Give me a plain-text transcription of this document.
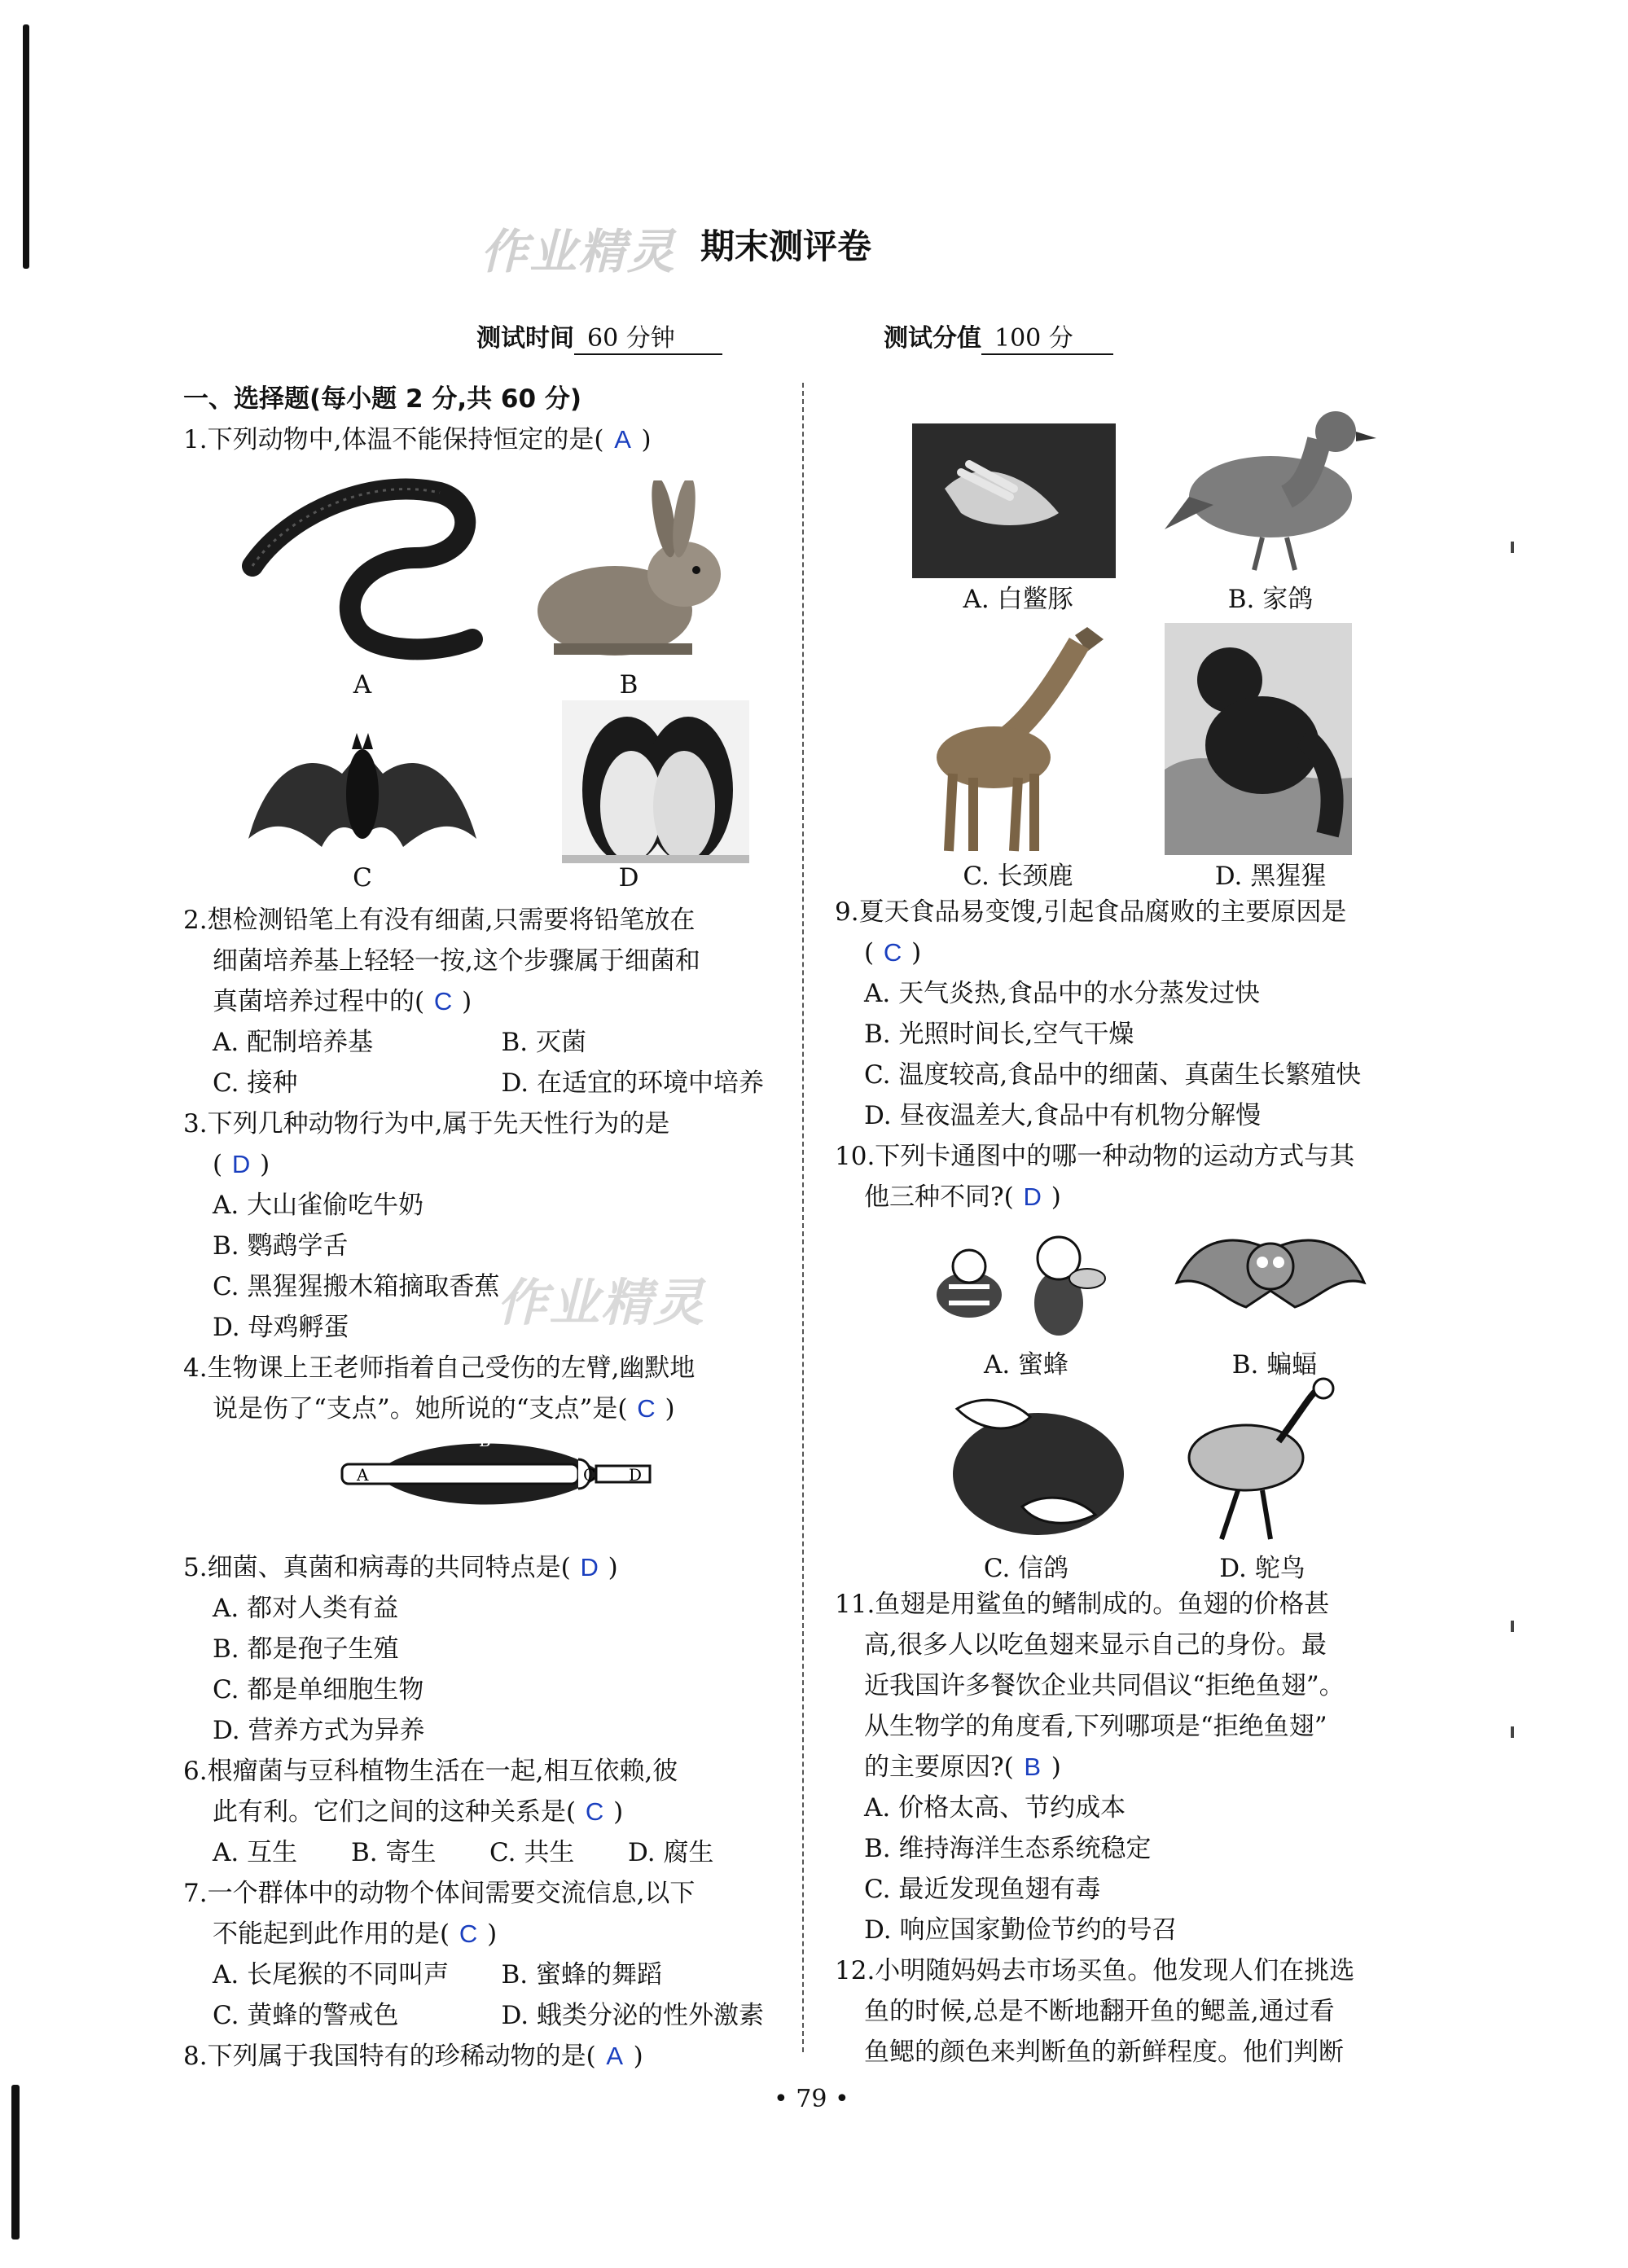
作业精灵
作业精灵
期末测评卷
测试时间 60 分钟	测试分值 100 分

一、选择题(每小题 2 分,共 60 分)

1.下列动物中,体温不能保持恒定的是( A )

A	B
C	D

2.想检测铅笔上有没有细菌,只需要将铅笔放在

细菌培养基上轻轻一按,这个步骤属于细菌和

真菌培养过程中的( C )

A. 配制培养基	B. 灭菌
C. 接种	D. 在适宜的环境中培养

3.下列几种动物行为中,属于先天性行为的是

( D )

A. 大山雀偷吃牛奶

B. 鹦鹉学舌

C. 黑猩猩搬木箱摘取香蕉

D. 母鸡孵蛋

4.生物课上王老师指着自己受伤的左臂,幽默地

说是伤了“支点”。她所说的“支点”是( C )

A
B
C D

5.细菌、真菌和病毒的共同特点是( D )

A. 都对人类有益

B. 都是孢子生殖

C. 都是单细胞生物

D. 营养方式为异养

6.根瘤菌与豆科植物生活在一起,相互依赖,彼

此有利。它们之间的这种关系是( C )

A. 互生	B. 寄生	C. 共生	D. 腐生

7.一个群体中的动物个体间需要交流信息,以下

不能起到此作用的是( C )

A. 长尾猴的不同叫声	B. 蜜蜂的舞蹈
C. 黄蜂的警戒色	D. 蛾类分泌的性外激素

8.下列属于我国特有的珍稀动物的是( A )

A. 白鳖豚	B. 家鸽
C. 长颈鹿	D. 黑猩猩

9.夏天食品易变馊,引起食品腐败的主要原因是

( C )

A. 天气炎热,食品中的水分蒸发过快

B. 光照时间长,空气干燥

C. 温度较高,食品中的细菌、真菌生长繁殖快

D. 昼夜温差大,食品中有机物分解慢

10.下列卡通图中的哪一种动物的运动方式与其

他三种不同?( D )

A. 蜜蜂	B. 蝙蝠
C. 信鸽	D. 鸵鸟

11.鱼翅是用鲨鱼的鳍制成的。鱼翅的价格甚

高,很多人以吃鱼翅来显示自己的身份。最

近我国许多餐饮企业共同倡议“拒绝鱼翅”。

从生物学的角度看,下列哪项是“拒绝鱼翅”

的主要原因?( B )

A. 价格太高、节约成本

B. 维持海洋生态系统稳定

C. 最近发现鱼翅有毒

D. 响应国家勤俭节约的号召

12.小明随妈妈去市场买鱼。他发现人们在挑选

鱼的时候,总是不断地翻开鱼的鳃盖,通过看

鱼鳃的颜色来判断鱼的新鲜程度。他们判断

• 79 •
